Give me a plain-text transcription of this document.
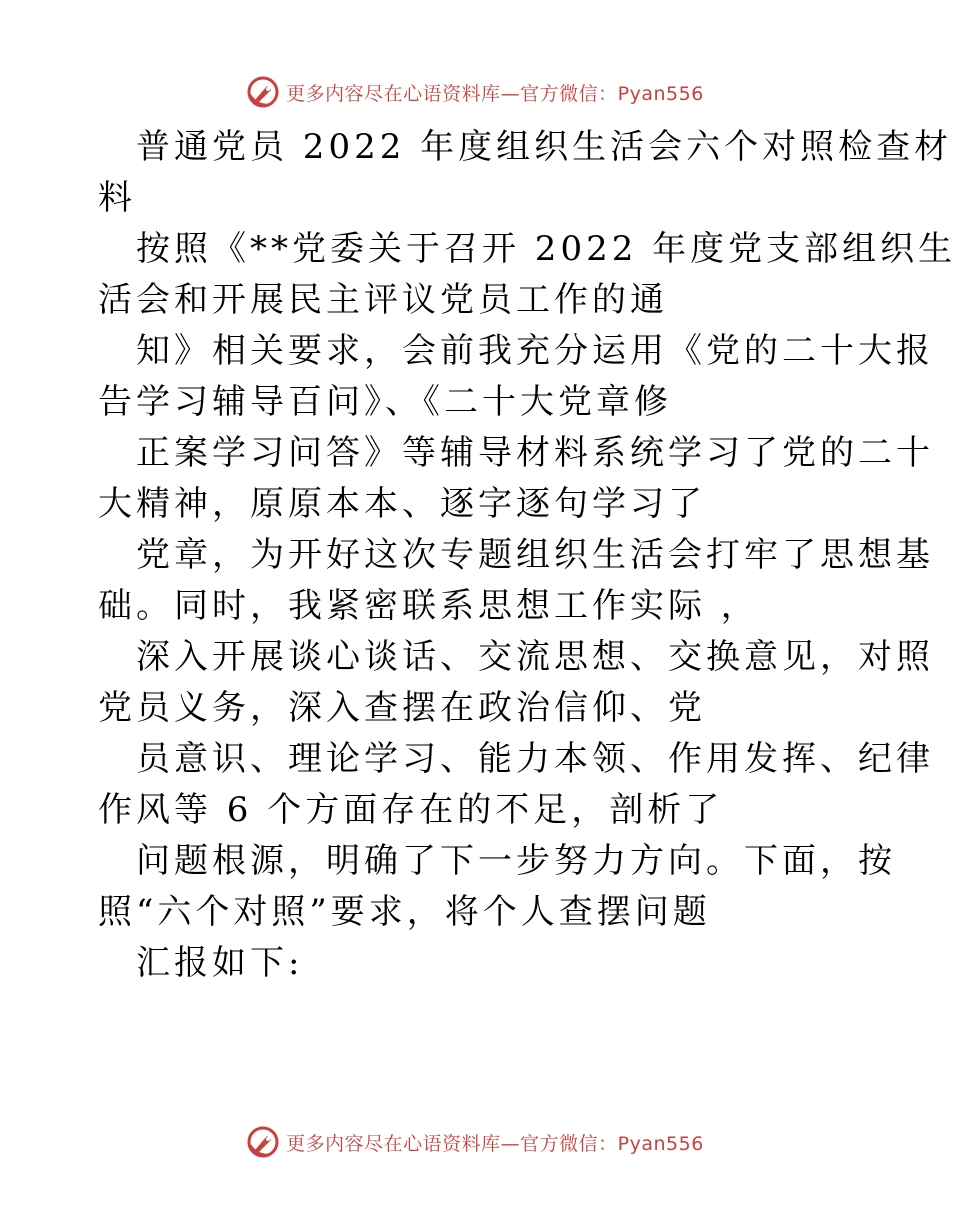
更多内容尽在心语资料库—官方微信：Pyan556
普通党员 2022 年度组织生活会六个对照检查材
料
按照《**党委关于召开 2022 年度党支部组织生
活会和开展民主评议党员工作的通
知》相关要求，会前我充分运用《党的二十大报
告学习辅导百问》、《二十大党章修
正案学习问答》等辅导材料系统学习了党的二十
大精神，原原本本、逐字逐句学习了
党章，为开好这次专题组织生活会打牢了思想基
础。同时，我紧密联系思想工作实际 ，
深入开展谈心谈话、交流思想、交换意见，对照
党员义务，深入查摆在政治信仰、党
员意识、理论学习、能力本领、作用发挥、纪律
作风等 6 个方面存在的不足，剖析了
问题根源，明确了下一步努力方向。下面，按
照“六个对照”要求，将个人查摆问题
汇报如下:
更多内容尽在心语资料库—官方微信：Pyan556
